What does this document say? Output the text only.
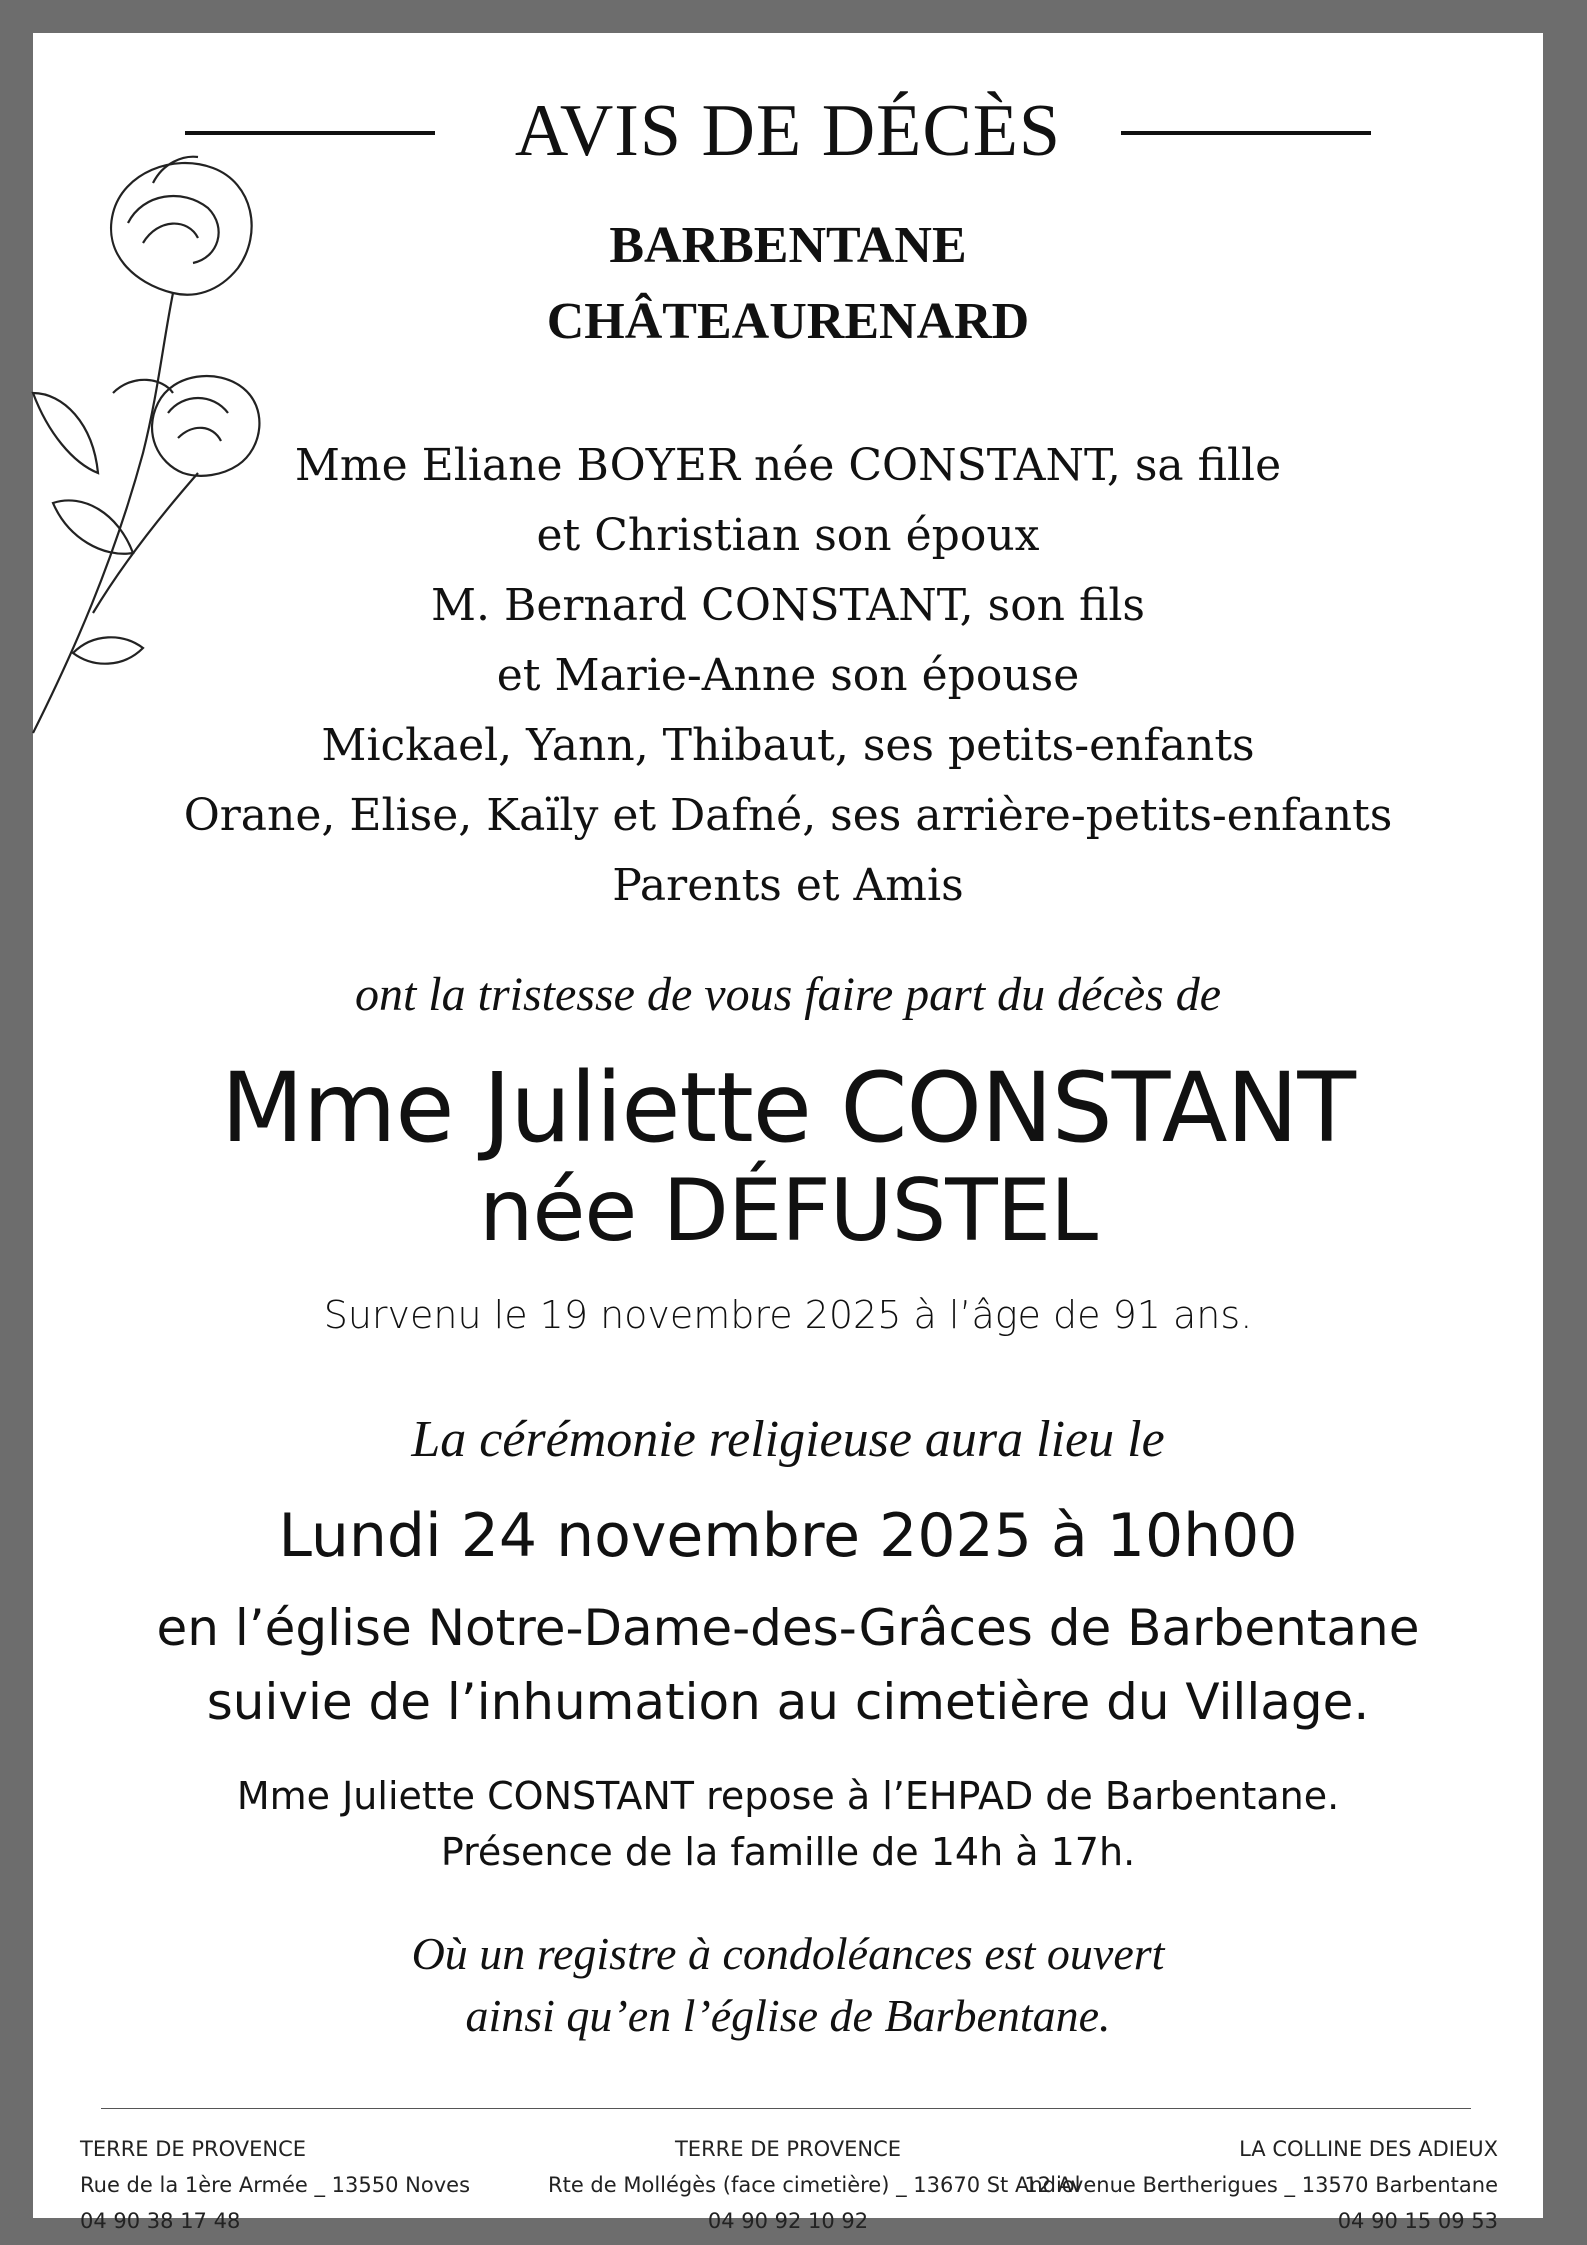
AVIS DE DÉCÈS
BARBENTANE
CHÂTEAURENARD
Mme Eliane BOYER née CONSTANT, sa fille
et Christian son époux
M. Bernard CONSTANT, son fils
et Marie-Anne son épouse
Mickael, Yann, Thibaut, ses petits-enfants
Orane, Elise, Kaïly et Dafné, ses arrière-petits-enfants
Parents et Amis
ont la tristesse de vous faire part du décès de
Mme Juliette CONSTANT
née DÉFUSTEL
Survenu le 19 novembre 2025 à l’âge de 91 ans.
La cérémonie religieuse aura lieu le
Lundi 24 novembre 2025 à 10h00
en l’église Notre-Dame-des-Grâces de Barbentane
suivie de l’inhumation au cimetière du Village.
Mme Juliette CONSTANT repose à l’EHPAD de Barbentane.
Présence de la famille de 14h à 17h.
Où un registre à condoléances est ouvert
ainsi qu’en l’église de Barbentane.
TERRE DE PROVENCE
Rue de la 1ère Armée _ 13550 Noves
04 90 38 17 48
TERRE DE PROVENCE
Rte de Mollégès (face cimetière) _ 13670 St Andiol
04 90 92 10 92
LA COLLINE DES ADIEUX
12 Avenue Bertherigues _ 13570 Barbentane
04 90 15 09 53
